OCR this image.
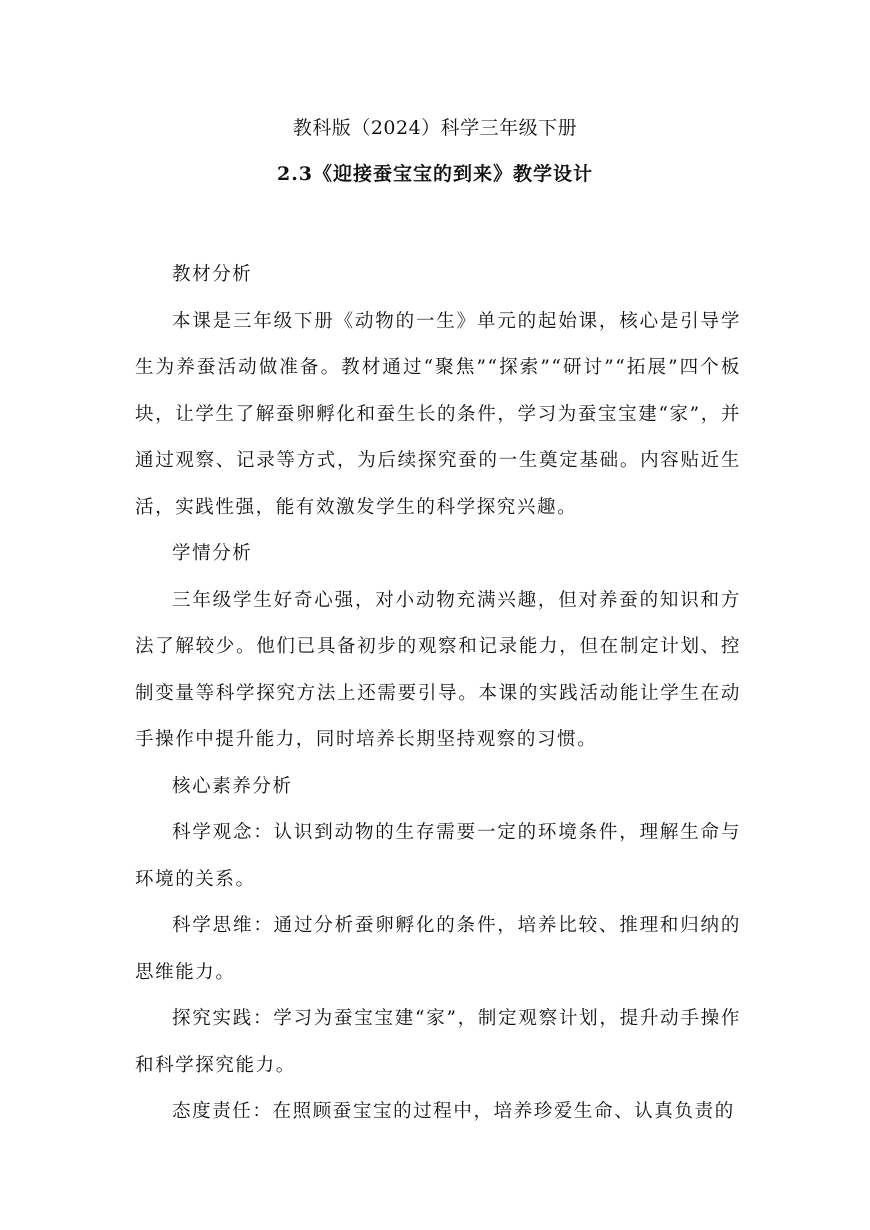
教科版（2024）科学三年级下册
2.3《迎接蚕宝宝的到来》教学设计

教材分析

本课是三年级下册《动物的一生》单元的起始课，核心是引导学生为养蚕活动做准备。教材通过“聚焦”“探索”“研讨”“拓展”四个板块，让学生了解蚕卵孵化和蚕生长的条件，学习为蚕宝宝建“家”，并通过观察、记录等方式，为后续探究蚕的一生奠定基础。内容贴近生活，实践性强，能有效激发学生的科学探究兴趣。

学情分析

三年级学生好奇心强，对小动物充满兴趣，但对养蚕的知识和方法了解较少。他们已具备初步的观察和记录能力，但在制定计划、控制变量等科学探究方法上还需要引导。本课的实践活动能让学生在动手操作中提升能力，同时培养长期坚持观察的习惯。

核心素养分析

科学观念：认识到动物的生存需要一定的环境条件，理解生命与环境的关系。

科学思维：通过分析蚕卵孵化的条件，培养比较、推理和归纳的思维能力。

探究实践：学习为蚕宝宝建“家”，制定观察计划，提升动手操作和科学探究能力。

态度责任：在照顾蚕宝宝的过程中，培养珍爱生命、认真负责的
